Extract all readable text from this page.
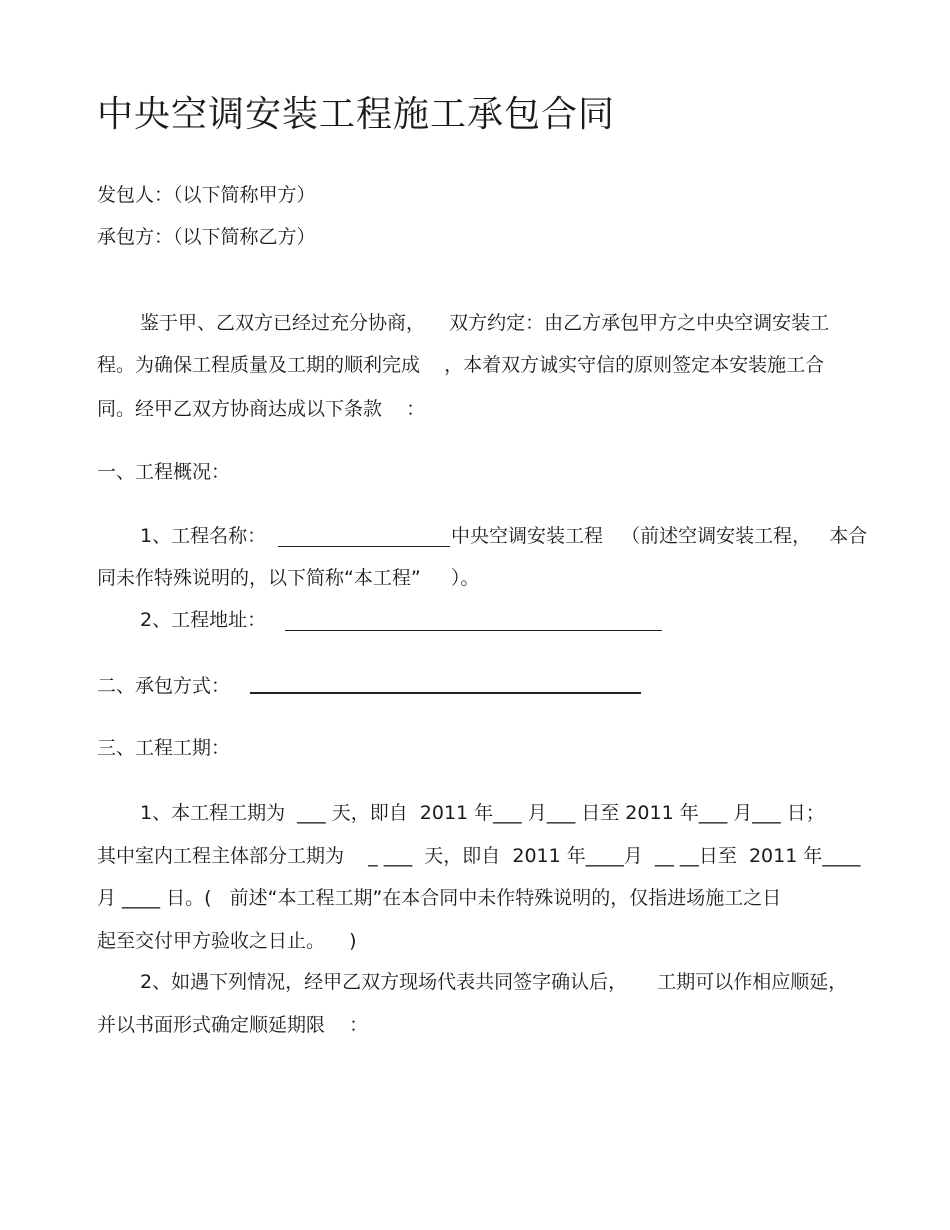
中央空调安装工程施工承包合同
发包人：（以下简称甲方）
承包方：（以下简称乙方）
鉴于甲、乙双方已经过充分协商，    双方约定：由乙方承包甲方之中央空调安装工
程。为确保工程质量及工期的顺利完成    ，本着双方诚实守信的原则签定本安装施工合
同。经甲乙双方协商达成以下条款    ：
一、工程概况：
1、工程名称：	中央空调安装工程   （前述空调安装工程，   本合
同未作特殊说明的，以下简称“本工程”     ）。
2、工程地址：
二、承包方式：
三、工程工期：
1、本工程工期为  ___ 天，即自  2011 年___ 月___ 日至 2011 年___ 月___ 日；
其中室内工程主体部分工期为    _ ___  天，即自  2011 年____月  __ __日至  2011 年____
月 ____ 日。(   前述“本工程工期”在本合同中未作特殊说明的，仅指进场施工之日
起至交付甲方验收之日止。    )
2、如遇下列情况，经甲乙双方现场代表共同签字确认后，     工期可以作相应顺延，
并以书面形式确定顺延期限    ：
